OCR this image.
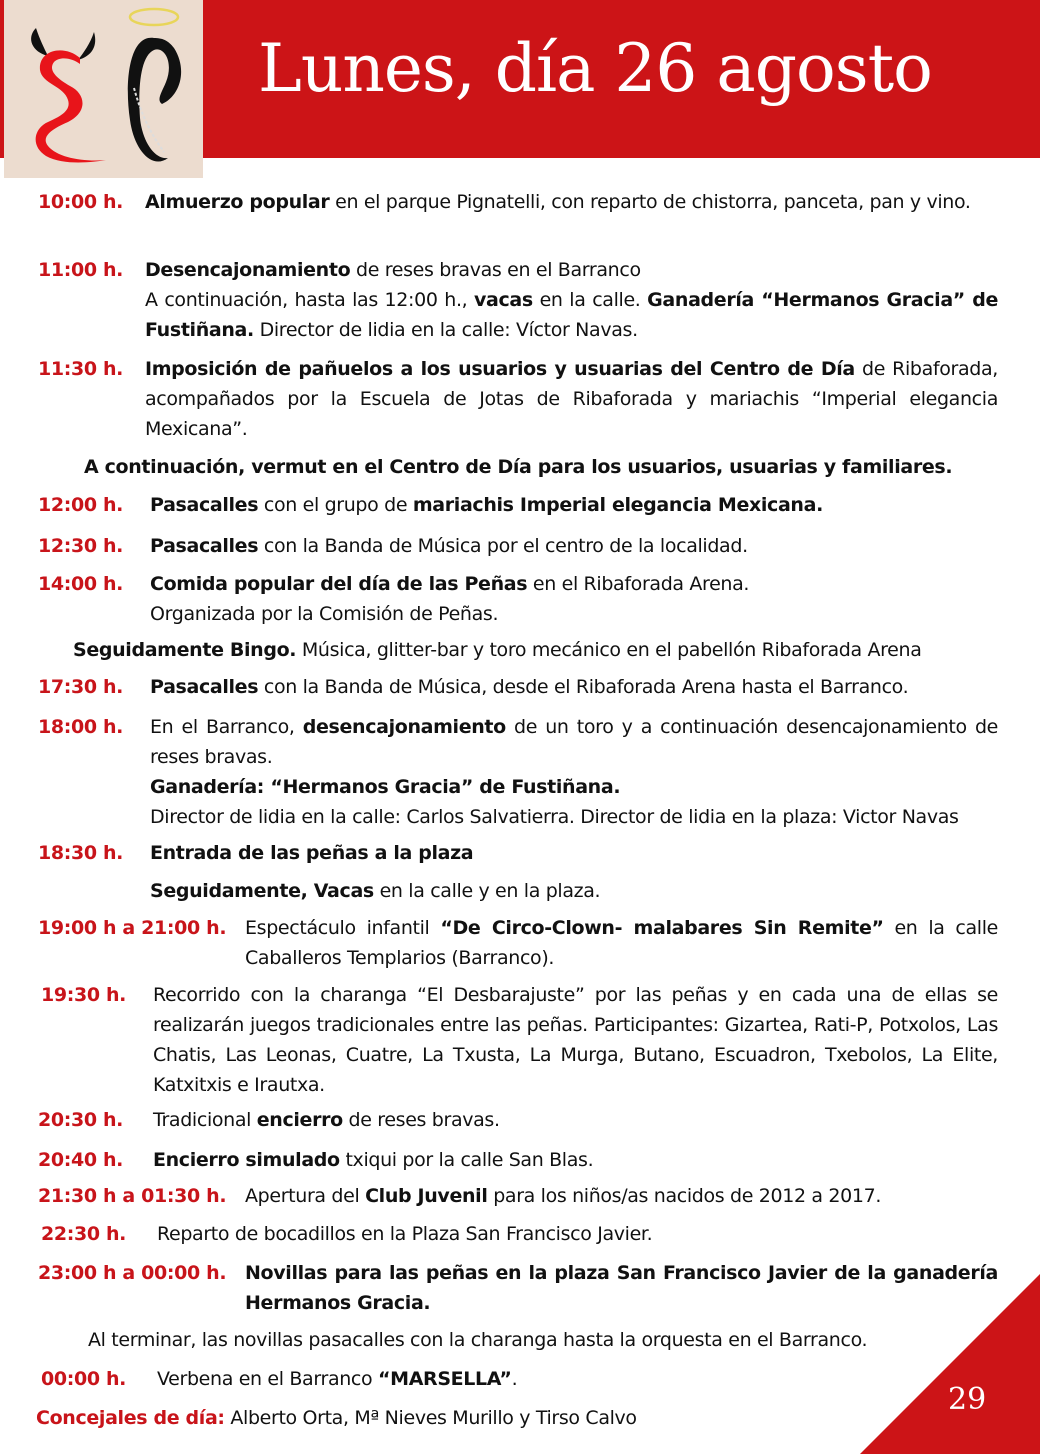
Lunes, día 26 agosto
10:00 h. Almuerzo popular en el parque Pignatelli, con reparto de chistorra, panceta, pan y vino.
11:00 h. Desencajonamiento de reses bravas en el Barranco
A continuación, hasta las 12:00 h., vacas en la calle. Ganadería “Hermanos Gracia” de Fustiñana. Director de lidia en la calle: Víctor Navas.
11:30 h. Imposición de pañuelos a los usuarios y usuarias del Centro de Día de Ribaforada, acompañados por la Escuela de Jotas de Ribaforada y mariachis “Imperial elegancia Mexicana”.
12:00 h. Pasacalles con el grupo de mariachis Imperial elegancia Mexicana.
12:30 h. Pasacalles con la Banda de Música por el centro de la localidad.
14:00 h. Comida popular del día de las Peñas en el Ribaforada Arena.
Organizada por la Comisión de Peñas.
17:30 h. Pasacalles con la Banda de Música, desde el Ribaforada Arena hasta el Barranco.
18:00 h. En el Barranco, desencajonamiento de un toro y a continuación desencajonamiento de reses bravas.
Ganadería: “Hermanos Gracia” de Fustiñana.
Director de lidia en la calle: Carlos Salvatierra. Director de lidia en la plaza: Victor Navas
18:30 h. Entrada de las peñas a la plaza
Seguidamente, Vacas en la calle y en la plaza.
19:00 h a 21:00 h. Espectáculo infantil “De Circo-Clown- malabares Sin Remite” en la calle Caballeros Templarios (Barranco).
19:30 h. Recorrido con la charanga “El Desbarajuste” por las peñas y en cada una de ellas se realizarán juegos tradicionales entre las peñas. Participantes: Gizartea, Rati-P, Potxolos, Las Chatis, Las Leonas, Cuatre, La Txusta, La Murga, Butano, Escuadron, Txebolos, La Elite, Katxitxis e Irautxa.
20:30 h. Tradicional encierro de reses bravas.
20:40 h. Encierro simulado txiqui por la calle San Blas.
21:30 h a 01:30 h. Apertura del Club Juvenil para los niños/as nacidos de 2012 a 2017.
22:30 h. Reparto de bocadillos en la Plaza San Francisco Javier.
23:00 h a 00:00 h. Novillas para las peñas en la plaza San Francisco Javier de la ganadería Hermanos Gracia.
00:00 h. Verbena en el Barranco “MARSELLA”.
A continuación, vermut en el Centro de Día para los usuarios, usuarias y familiares.
Seguidamente Bingo. Música, glitter-bar y toro mecánico en el pabellón Ribaforada Arena
Al terminar, las novillas pasacalles con la charanga hasta la orquesta en el Barranco.
29
Concejales de día: Alberto Orta, Mª Nieves Murillo y Tirso Calvo
